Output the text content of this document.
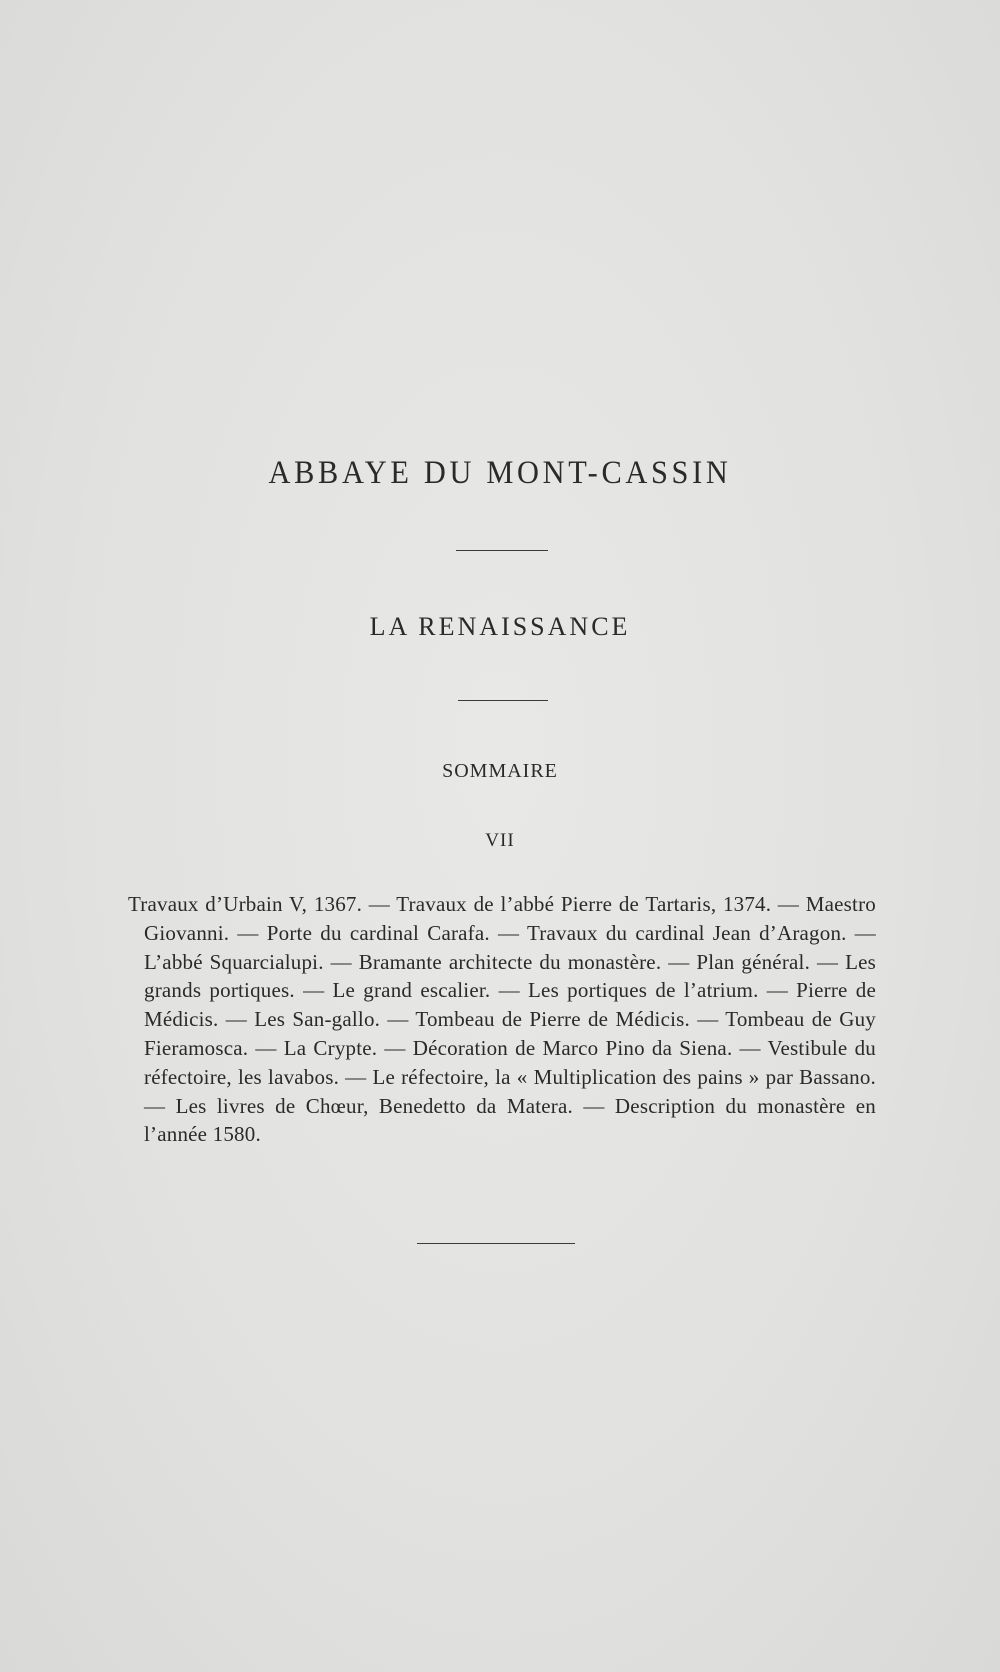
ABBAYE DU MONT-CASSIN
LA RENAISSANCE
SOMMAIRE
VII

Travaux d’Urbain V, 1367. — Travaux de l’abbé Pierre de Tartaris, 1374. — Maestro Giovanni. — Porte du cardinal Carafa. — Travaux du cardinal Jean d’Aragon. — L’abbé Squarcialupi. — Bramante architecte du monastère. — Plan général. — Les grands portiques. — Le grand escalier. — Les portiques de l’atrium. — Pierre de Médicis. — Les San-gallo. — Tombeau de Pierre de Médicis. — Tombeau de Guy Fieramosca. — La Crypte. — Décoration de Marco Pino da Siena. — Vestibule du réfectoire, les lavabos. — Le réfectoire, la « Multiplication des pains » par Bassano. — Les livres de Chœur, Benedetto da Matera. — Description du monastère en l’année 1580.
